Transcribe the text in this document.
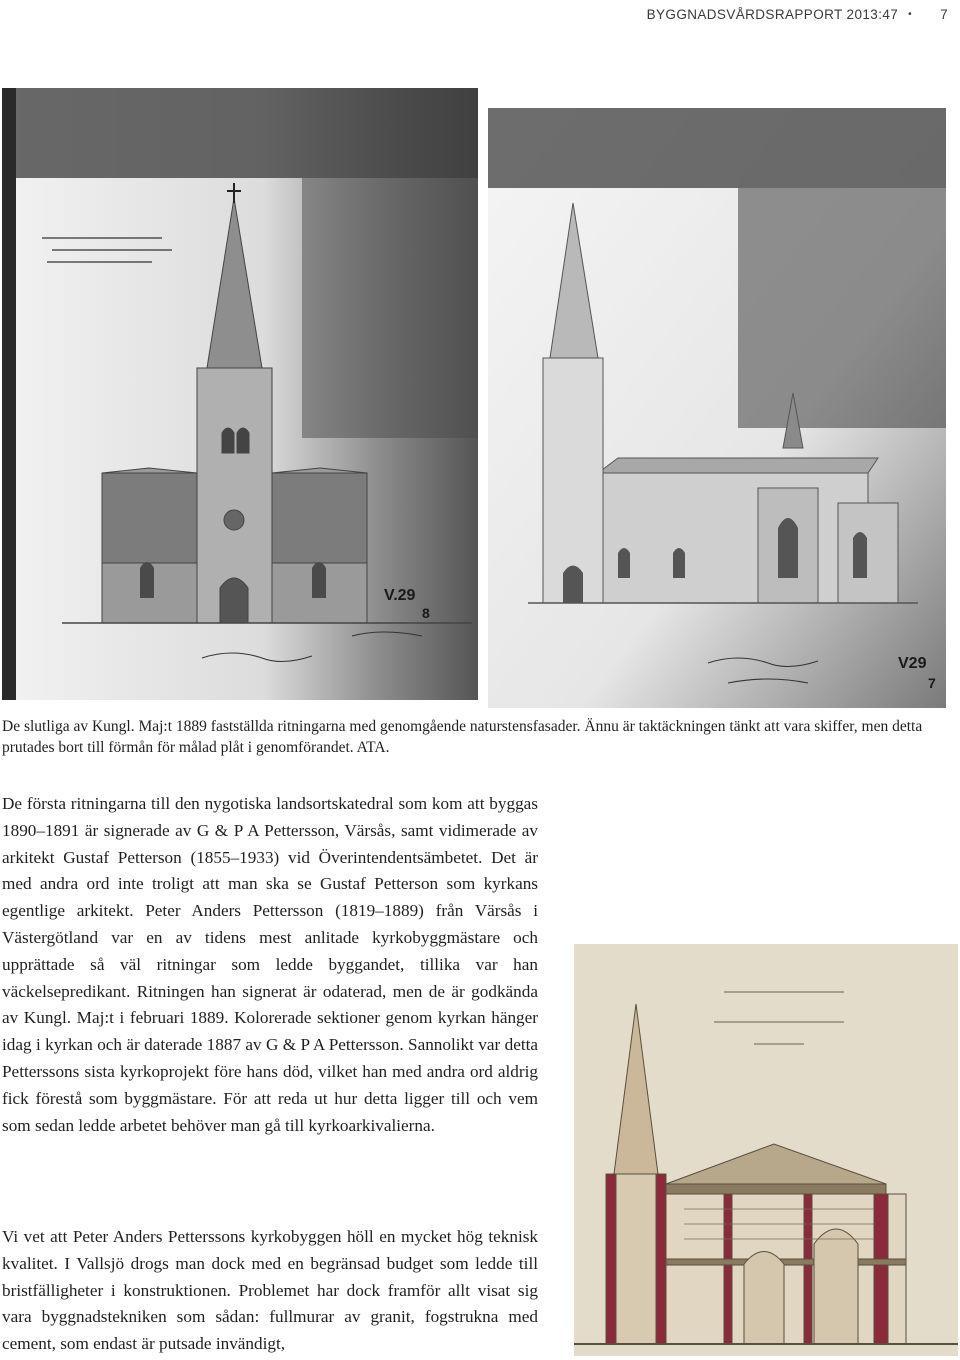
BYGGNADSVÅRDSRAPPORT 2013:47 • 7
V.29
8
V29
7
De slutliga av Kungl. Maj:t 1889 fastställda ritningarna med genomgående naturstensfasader. Ännu är taktäckningen tänkt att vara skiffer, men detta prutades bort till förmån för målad plåt i genomförandet. ATA.
De första ritningarna till den nygotiska landsortskatedral som kom att byggas 1890–1891 är signerade av G & P A Pettersson, Värsås, samt vidimerade av arkitekt Gustaf Petterson (1855–1933) vid Överintendentsämbetet. Det är med andra ord inte troligt att man ska se Gustaf Petterson som kyrkans egentlige arkitekt. Peter Anders Pettersson (1819–1889) från Värsås i Västergötland var en av tidens mest anlitade kyrkobyggmästare och upprättade så väl ritningar som ledde byggandet, tillika var han väckelsepredikant. Ritningen han signerat är odaterad, men de är godkända av Kungl. Maj:t i februari 1889. Kolorerade sektioner genom kyrkan hänger idag i kyrkan och är daterade 1887 av G & P A Pettersson. Sannolikt var detta Petterssons sista kyrkoprojekt före hans död, vilket han med andra ord aldrig fick förestå som byggmästare. För att reda ut hur detta ligger till och vem som sedan ledde arbetet behöver man gå till kyrkoarkivalierna.
Vi vet att Peter Anders Petterssons kyrkobyggen höll en mycket hög teknisk kvalitet. I Vallsjö drogs man dock med en begränsad budget som ledde till bristfälligheter i konstruktionen. Problemet har dock framför allt visat sig vara byggnadstekniken som sådan: fullmurar av granit, fogstrukna med cement, som endast är putsade invändigt,
